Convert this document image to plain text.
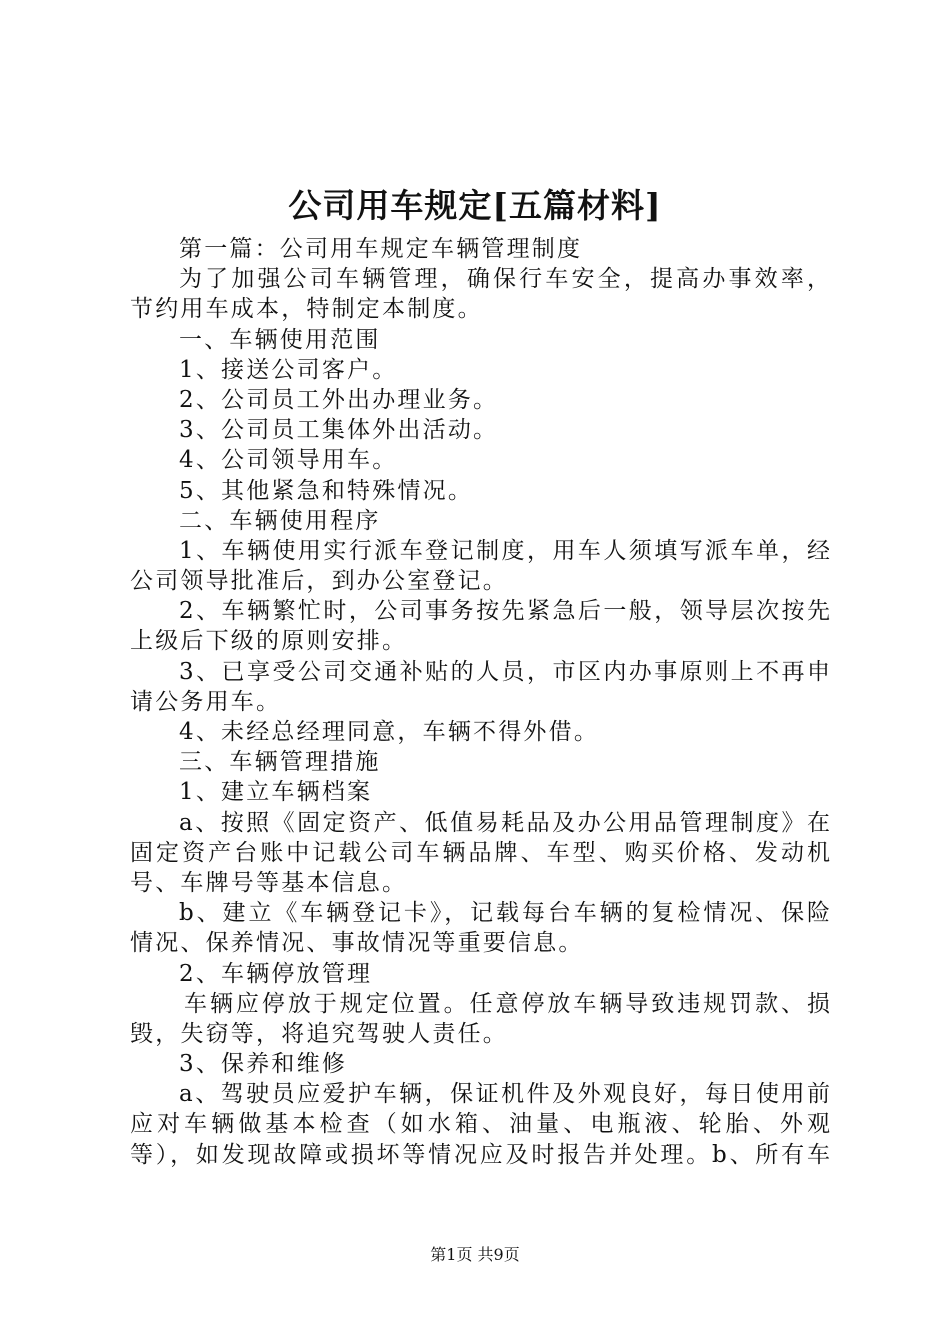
公司用车规定[五篇材料]
第一篇：公司用车规定车辆管理制度
为了加强公司车辆管理，确保行车安全，提高办事效率，
节约用车成本，特制定本制度。
一、车辆使用范围
1、接送公司客户。
2、公司员工外出办理业务。
3、公司员工集体外出活动。
4、公司领导用车。
5、其他紧急和特殊情况。
二、车辆使用程序
1、车辆使用实行派车登记制度，用车人须填写派车单，经
公司领导批准后，到办公室登记。
2、车辆繁忙时，公司事务按先紧急后一般，领导层次按先
上级后下级的原则安排。
3、已享受公司交通补贴的人员，市区内办事原则上不再申
请公务用车。
4、未经总经理同意，车辆不得外借。
三、车辆管理措施
1、建立车辆档案
a、按照《固定资产、低值易耗品及办公用品管理制度》在
固定资产台账中记载公司车辆品牌、车型、购买价格、发动机
号、车牌号等基本信息。
b、建立《车辆登记卡》，记载每台车辆的复检情况、保险
情况、保养情况、事故情况等重要信息。
2、车辆停放管理
车辆应停放于规定位置。任意停放车辆导致违规罚款、损
毁，失窃等，将追究驾驶人责任。
3、保养和维修
a、驾驶员应爱护车辆，保证机件及外观良好，每日使用前
应对车辆做基本检查（如水箱、油量、电瓶液、轮胎、外观
等），如发现故障或损坏等情况应及时报告并处理。b、所有车
第1页 共9页
